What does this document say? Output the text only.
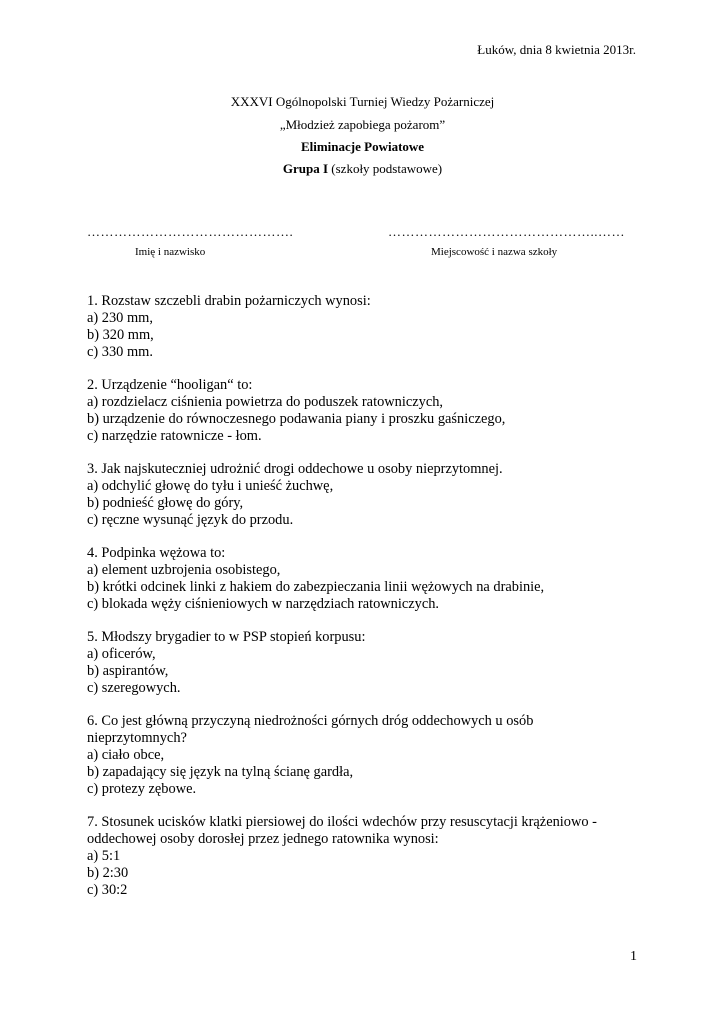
Łuków, dnia 8 kwietnia 2013r.
XXXVI Ogólnopolski Turniej Wiedzy Pożarniczej
„Młodzież zapobiega pożarom”
Eliminacje Powiatowe
Grupa I (szkoły podstawowe)
……………………………………….
Imię i nazwisko
………………………………………..……
Miejscowość i nazwa szkoły
1. Rozstaw szczebli drabin pożarniczych wynosi:
a) 230 mm,
b) 320 mm,
c) 330 mm.
2. Urządzenie “hooligan“ to:
a) rozdzielacz ciśnienia powietrza do poduszek ratowniczych,
b) urządzenie do równoczesnego podawania piany i proszku gaśniczego,
c) narzędzie ratownicze - łom.
3. Jak najskuteczniej udrożnić drogi oddechowe u osoby nieprzytomnej.
a) odchylić głowę do tyłu i unieść żuchwę,
b) podnieść głowę do góry,
c) ręczne wysunąć język do przodu.
4. Podpinka wężowa to:
a) element uzbrojenia osobistego,
b) krótki odcinek linki z hakiem do zabezpieczania linii wężowych na drabinie,
c) blokada węży ciśnieniowych w narzędziach ratowniczych.
5. Młodszy brygadier to w PSP stopień korpusu:
a) oficerów,
b) aspirantów,
c) szeregowych.
6. Co jest główną przyczyną niedrożności górnych dróg oddechowych u osób
nieprzytomnych?
a) ciało obce,
b) zapadający się język na tylną ścianę gardła,
c) protezy zębowe.
7. Stosunek ucisków klatki piersiowej do ilości wdechów przy resuscytacji krążeniowo -
oddechowej osoby dorosłej przez jednego ratownika wynosi:
a) 5:1
b) 2:30
c) 30:2
1
